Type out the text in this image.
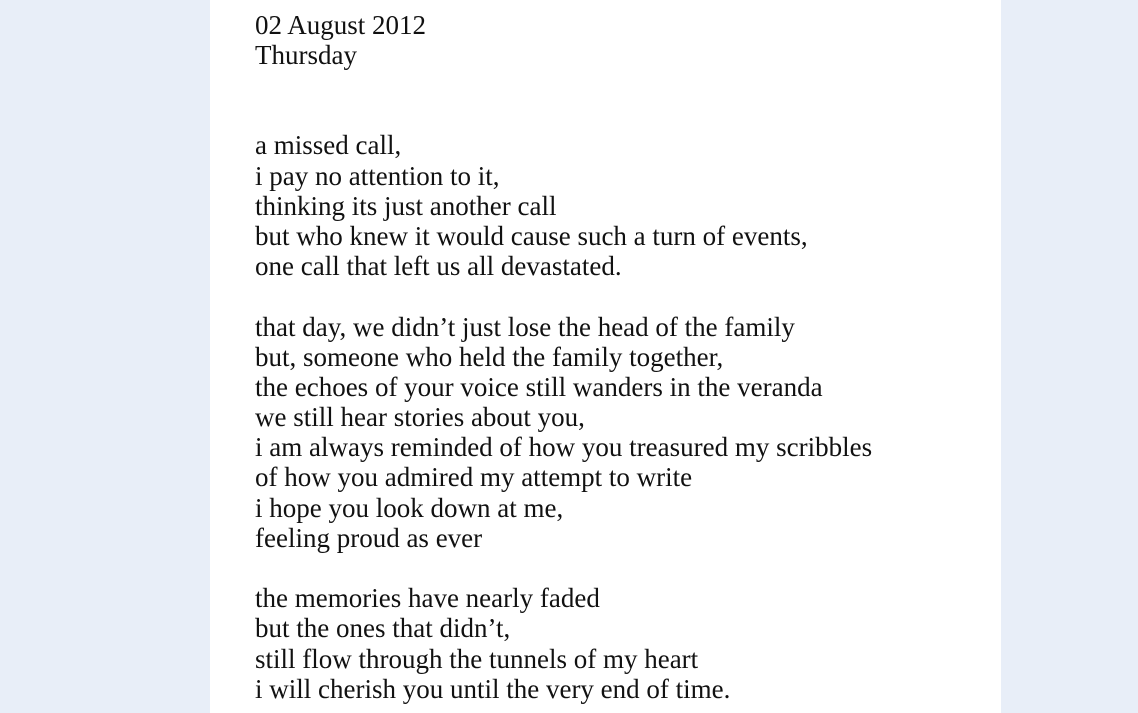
02 August 2012
Thursday
a missed call,
i pay no attention to it,
thinking its just another call
but who knew it would cause such a turn of events,
one call that left us all devastated.
that day, we didn’t just lose the head of the family
but, someone who held the family together,
the echoes of your voice still wanders in the veranda
we still hear stories about you,
i am always reminded of how you treasured my scribbles
of how you admired my attempt to write
i hope you look down at me,
feeling proud as ever
the memories have nearly faded
but the ones that didn’t,
still flow through the tunnels of my heart
i will cherish you until the very end of time.
